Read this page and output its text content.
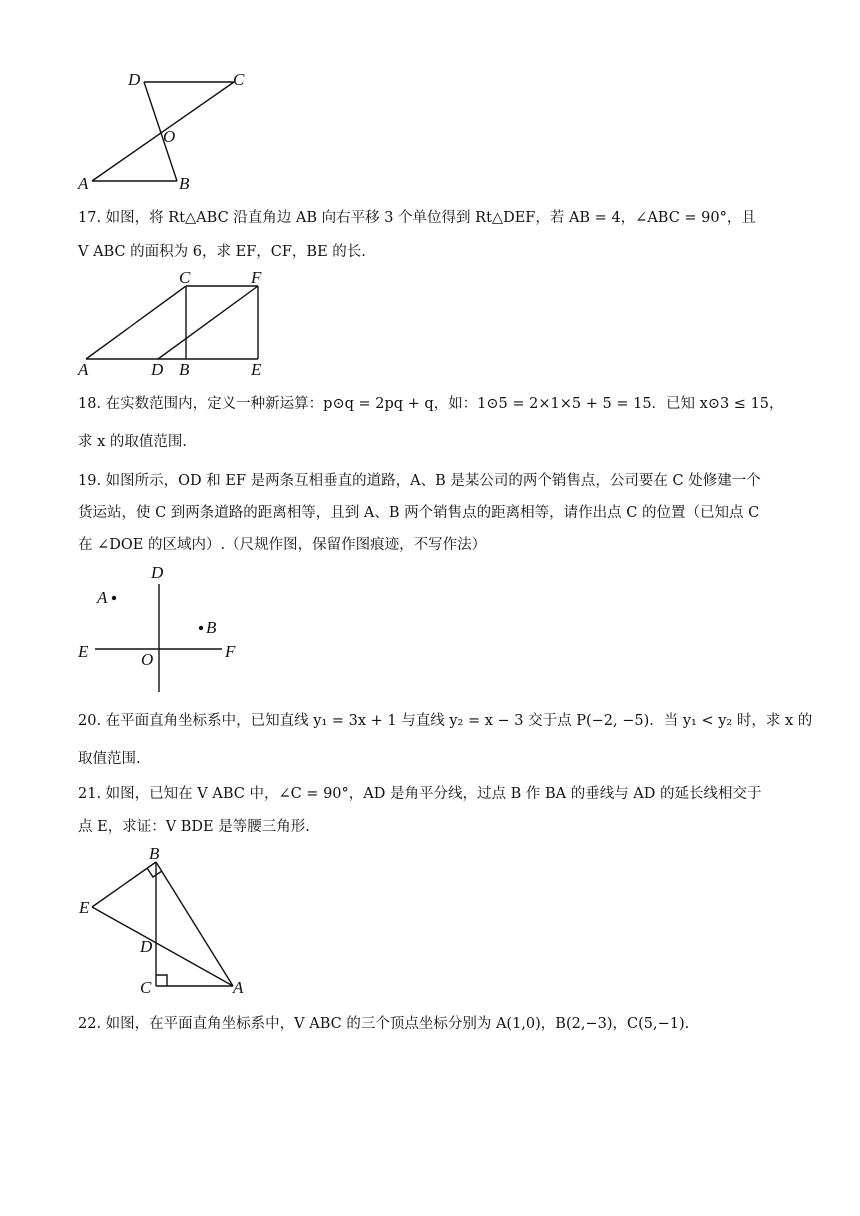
D	C
O
A	B
17. 如图，将 Rt△ABC 沿直角边 AB 向右平移 3 个单位得到 Rt△DEF，若 AB = 4，∠ABC = 90°，且
V ABC 的面积为 6，求 EF，CF，BE 的长.
C	F
A	D B	E
18. 在实数范围内，定义一种新运算：p⊙q = 2pq + q，如：1⊙5 = 2×1×5 + 5 = 15．已知 x⊙3 ≤ 15，
求 x 的取值范围.
19. 如图所示，OD 和 EF 是两条互相垂直的道路，A、B 是某公司的两个销售点，公司要在 C 处修建一个
货运站，使 C 到两条道路的距离相等，且到 A、B 两个销售点的距离相等，请作出点 C 的位置（已知点 C
在 ∠DOE 的区域内）.（尺规作图，保留作图痕迹，不写作法）
D
A
B
E	O	F
20. 在平面直角坐标系中，已知直线 y₁ = 3x + 1 与直线 y₂ = x − 3 交于点 P(−2, −5)．当 y₁ < y₂ 时，求 x 的
取值范围.
21. 如图，已知在 V ABC 中，∠C = 90°，AD 是角平分线，过点 B 作 BA 的垂线与 AD 的延长线相交于
点 E，求证：V BDE 是等腰三角形.
B
E
D
C	A
22. 如图，在平面直角坐标系中，V ABC 的三个顶点坐标分别为 A(1,0)，B(2,−3)，C(5,−1).
